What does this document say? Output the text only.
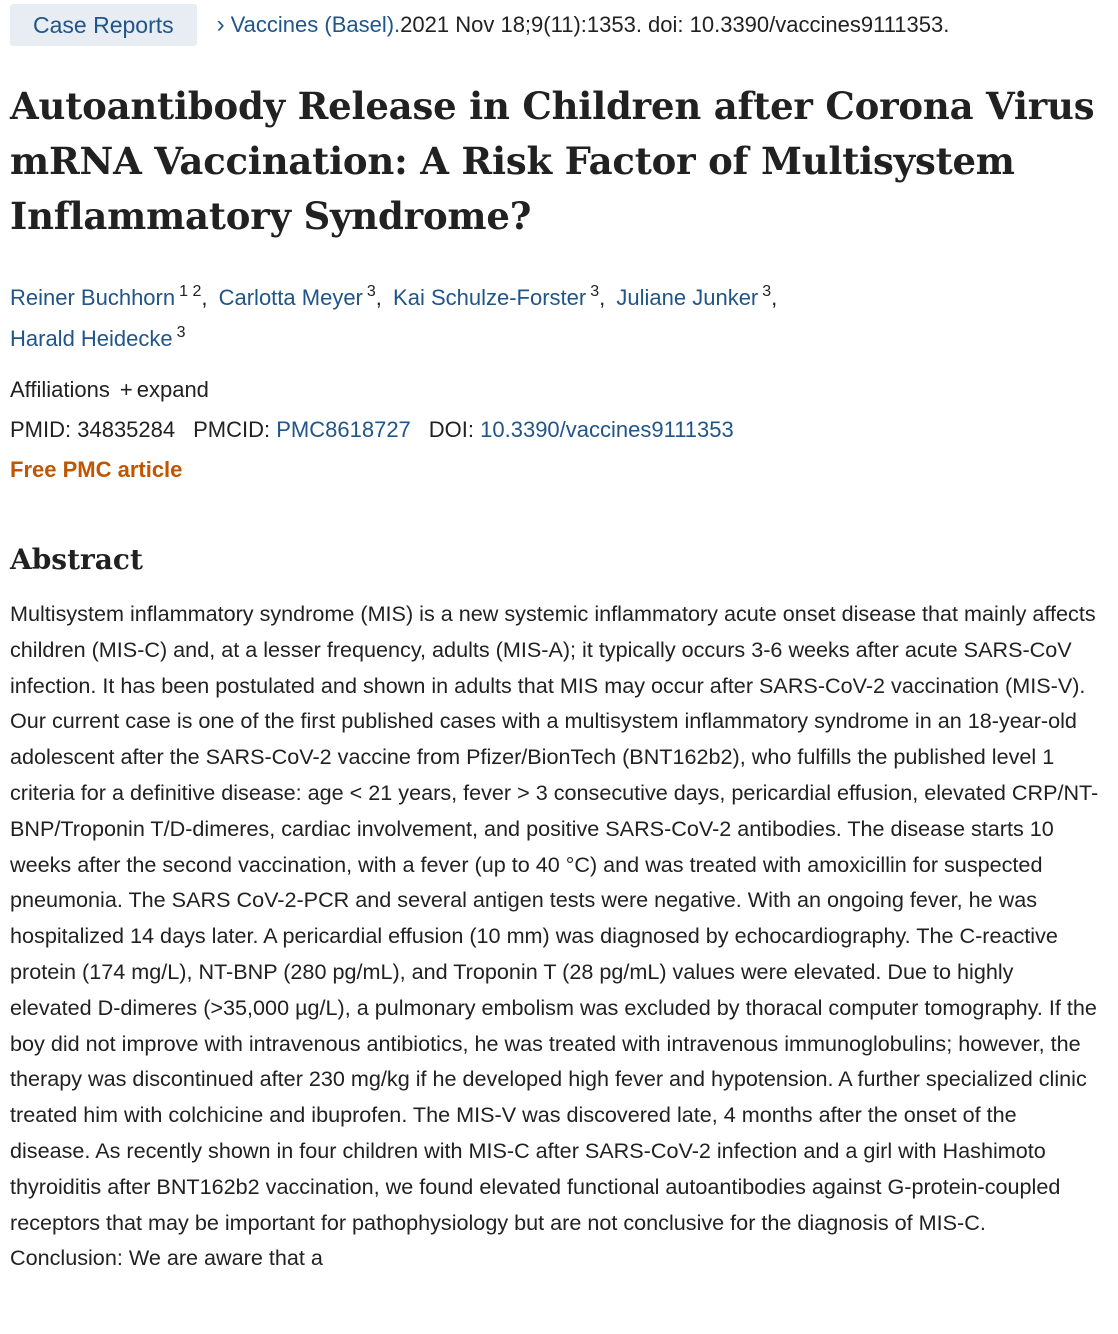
Case Reports	› Vaccines (Basel). 2021 Nov 18;9(11):1353. doi: 10.3390/vaccines9111353.
Autoantibody Release in Children after Corona Virus mRNA Vaccination: A Risk Factor of Multisystem Inflammatory Syndrome?
Reiner Buchhorn $^{1 2}$, Carlotta Meyer $^3$, Kai Schulze-Forster $^3$, Juliane Junker $^3$,
Harald Heidecke $^3$
Affiliations + expand
PMID: 34835284 PMCID: PMC8618727 DOI: 10.3390/vaccines9111353
Free PMC article
Abstract
Multisystem inflammatory syndrome (MIS) is a new systemic inflammatory acute onset disease that mainly affects children (MIS-C) and, at a lesser frequency, adults (MIS-A); it typically occurs 3-6 weeks after acute SARS-CoV infection. It has been postulated and shown in adults that MIS may occur after SARS-CoV-2 vaccination (MIS-V). Our current case is one of the first published cases with a multisystem inflammatory syndrome in an 18-year-old adolescent after the SARS-CoV-2 vaccine from Pfizer/BionTech (BNT162b2), who fulfills the published level 1 criteria for a definitive disease: age < 21 years, fever > 3 consecutive days, pericardial effusion, elevated CRP/NT-BNP/Troponin T/D-dimeres, cardiac involvement, and positive SARS-CoV-2 antibodies. The disease starts 10 weeks after the second vaccination, with a fever (up to 40 °C) and was treated with amoxicillin for suspected pneumonia. The SARS CoV-2-PCR and several antigen tests were negative. With an ongoing fever, he was hospitalized 14 days later. A pericardial effusion (10 mm) was diagnosed by echocardiography. The C-reactive protein (174 mg/L), NT-BNP (280 pg/mL), and Troponin T (28 pg/mL) values were elevated. Due to highly elevated D-dimeres (>35,000 µg/L), a pulmonary embolism was excluded by thoracal computer tomography. If the boy did not improve with intravenous antibiotics, he was treated with intravenous immunoglobulins; however, the therapy was discontinued after 230 mg/kg if he developed high fever and hypotension. A further specialized clinic treated him with colchicine and ibuprofen. The MIS-V was discovered late, 4 months after the onset of the disease. As recently shown in four children with MIS-C after SARS-CoV-2 infection and a girl with Hashimoto thyroiditis after BNT162b2 vaccination, we found elevated functional autoantibodies against G-protein-coupled receptors that may be important for pathophysiology but are not conclusive for the diagnosis of MIS-C. Conclusion: We are aware that a
